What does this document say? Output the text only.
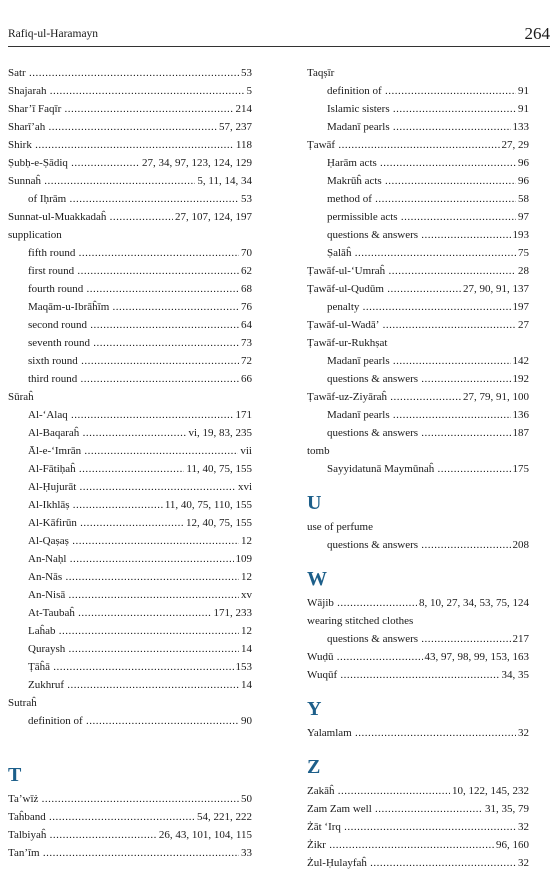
Rafiq-ul-Haramayn	264
Satr .....	53
Shajarah .....	5
Shar’ī Faqīr .....	214
Sharī’ah .....	57, 237
Shirk .....	118
Ṣubḥ-e-Ṣādiq .....	27, 34, 97, 123, 124, 129
Sunnaĥ .....	5, 11, 14, 34
of Iḥrām .....	53
Sunnat-ul-Muakkadaĥ .....	27, 107, 124, 197
supplication
fifth round .....	70
first round .....	62
fourth round .....	68
Maqām-u-Ibrāĥīm .....	76
second round .....	64
seventh round .....	73
sixth round .....	72
third round .....	66
Sūraĥ
Al-‘Alaq .....	171
Al-Baqaraĥ .....	vi, 19, 83, 235
Āl-e-‘Imrān .....	vii
Al-Fātiḥaĥ .....	11, 40, 75, 155
Al-Ḥujurāt .....	xvi
Al-Ikhlāṣ .....	11, 40, 75, 110, 155
Al-Kāfirūn .....	12, 40, 75, 155
Al-Qaṣaṣ .....	12
An-Naḥl .....	109
An-Nās .....	12
An-Nisā .....	xv
At-Taubaĥ .....	171, 233
Laĥab .....	12
Quraysh .....	14
Ṭāĥā .....	153
Zukhruf .....	14
Sutraĥ
definition of .....	90
T
Ta’wīż .....	50
Taĥband .....	54, 221, 222
Talbiyaĥ .....	26, 43, 101, 104, 115
Tan’īm .....	33
Taqṣīr
definition of .....	91
Islamic sisters .....	91
Madanī pearls .....	133
Ṭawāf .....	27, 29
Ḥarām acts .....	96
Makrūĥ acts .....	96
method of .....	58
permissible acts .....	97
questions & answers .....	193
Ṣalāĥ .....	75
Ṭawāf-ul-‘Umraĥ .....	28
Ṭawāf-ul-Qudūm .....	27, 90, 91, 137
penalty .....	197
Ṭawāf-ul-Wadā’ .....	27
Ṭawāf-ur-Rukhṣat
Madanī pearls .....	142
questions & answers .....	192
Ṭawāf-uz-Ziyāraĥ .....	27, 79, 91, 100
Madanī pearls .....	136
questions & answers .....	187
tomb
Sayyidatunā Maymūnaĥ .....	175
U
use of perfume
questions & answers .....	208
W
Wājib .....	8, 10, 27, 34, 53, 75, 124
wearing stitched clothes
questions & answers .....	217
Wuḍū .....	43, 97, 98, 99, 153, 163
Wuqūf .....	34, 35
Y
Yalamlam .....	32
Z
Zakāĥ .....	10, 122, 145, 232
Zam Zam well .....	31, 35, 79
Żāt ‘Irq .....	32
Żikr .....	96, 160
Żul-Ḥulayfaĥ .....	32
